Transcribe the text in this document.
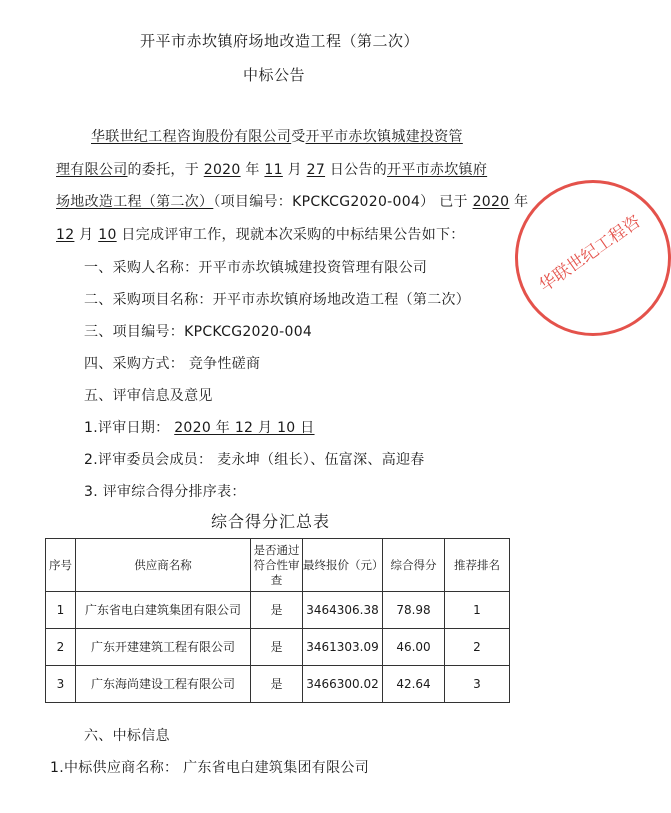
华联世纪工程咨
开平市赤坎镇府场地改造工程（第二次）
中标公告
华联世纪工程咨询股份有限公司受开平市赤坎镇城建投资管
理有限公司的委托，于 2020 年 11 月 27 日公告的开平市赤坎镇府
场地改造工程（第二次）（项目编号：KPCKCG2020-004） 已于 2020 年
12 月 10 日完成评审工作，现就本次采购的中标结果公告如下：
一、采购人名称：开平市赤坎镇城建投资管理有限公司
二、采购项目名称：开平市赤坎镇府场地改造工程（第二次）
三、项目编号：KPCKCG2020-004
四、采购方式： 竞争性磋商
五、评审信息及意见
1.评审日期： 2020 年 12 月 10 日
2.评审委员会成员： 麦永坤（组长）、伍富深、高迎春
3. 评审综合得分排序表：
综合得分汇总表
序号	供应商名称	是否通过符合性审查	最终报价（元）	综合得分	推荐排名
1	广东省电白建筑集团有限公司	是	3464306.38	78.98	1
2	广东开建建筑工程有限公司	是	3461303.09	46.00	2
3	广东海尚建设工程有限公司	是	3466300.02	42.64	3
六、中标信息
1.中标供应商名称： 广东省电白建筑集团有限公司
